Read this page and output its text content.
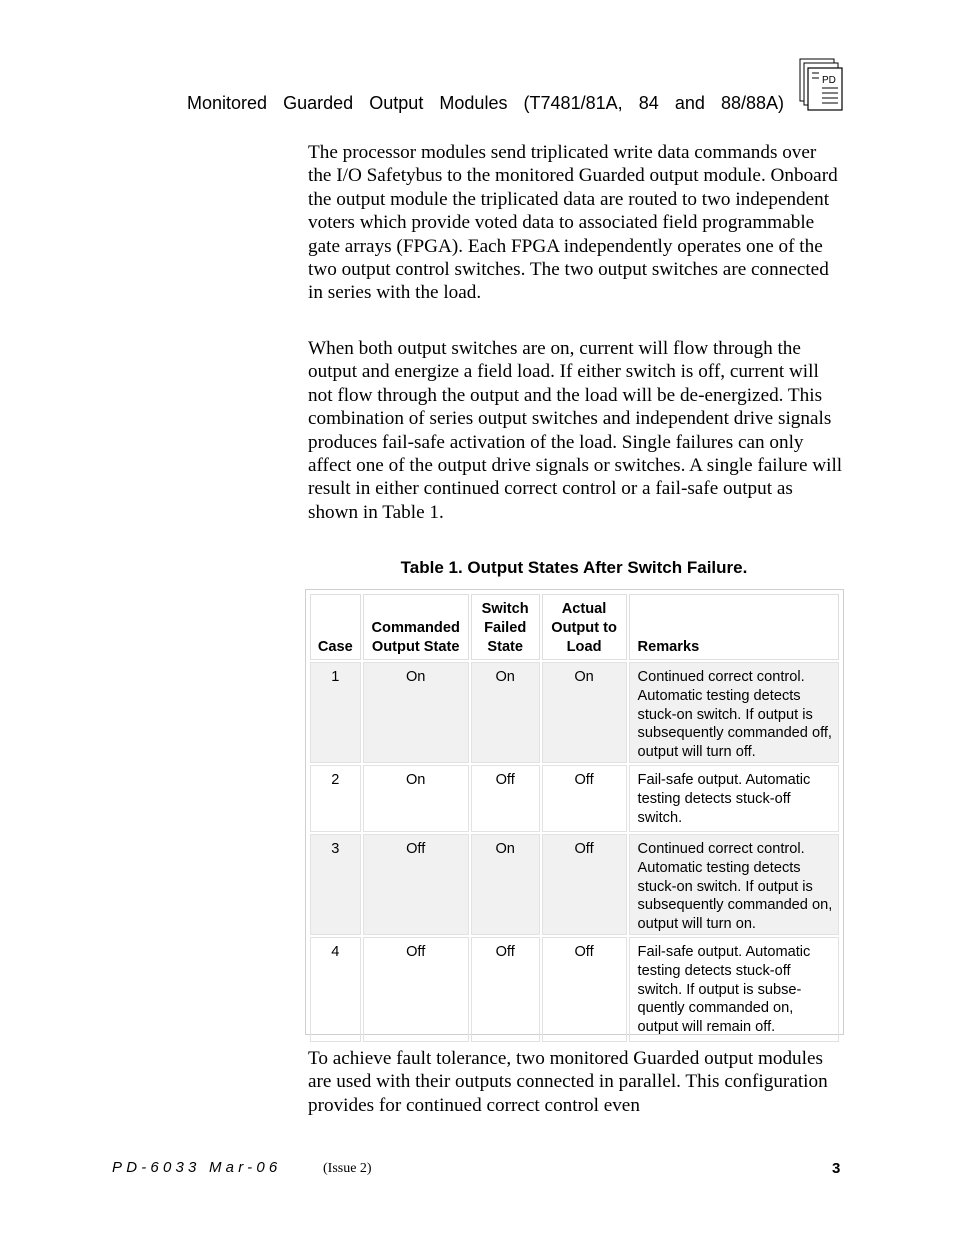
Monitored Guarded Output Modules (T7481/81A, 84 and 88/88A)
PD
The processor modules send triplicated write data commands over the I/O Safetybus to the monitored Guarded output module. Onboard the output module the triplicated data are routed to two independent voters which provide voted data to associated field programmable gate arrays (FPGA). Each FPGA independently operates one of the two output control switches. The two output switches are connected in series with the load.
When both output switches are on, current will flow through the output and energize a field load. If either switch is off, current will not flow through the output and the load will be de-energized. This combination of series output switches and independent drive signals produces fail-safe activation of the load. Single failures can only affect one of the output drive signals or switches. A single failure will result in either continued correct control or a fail-safe output as shown in Table 1.
Table 1. Output States After Switch Failure.
Case	Commanded Output State	Switch Failed State	Actual Output to Load	Remarks
1	On	On	On	Continued correct control. Automatic testing detects stuck-on switch. If output is subsequently commanded off, output will turn off.
2	On	Off	Off	Fail-safe output. Automatic testing detects stuck-off switch.
3	Off	On	Off	Continued correct control. Automatic testing detects stuck-on switch. If output is subsequently commanded on, output will turn on.
4	Off	Off	Off	Fail-safe output. Automatic testing detects stuck-off switch. If output is subse-quently commanded on, output will remain off.
To achieve fault tolerance, two monitored Guarded output modules are used with their outputs connected in parallel. This configuration provides for continued correct control even
PD-6033 Mar-06	(Issue 2)	3
